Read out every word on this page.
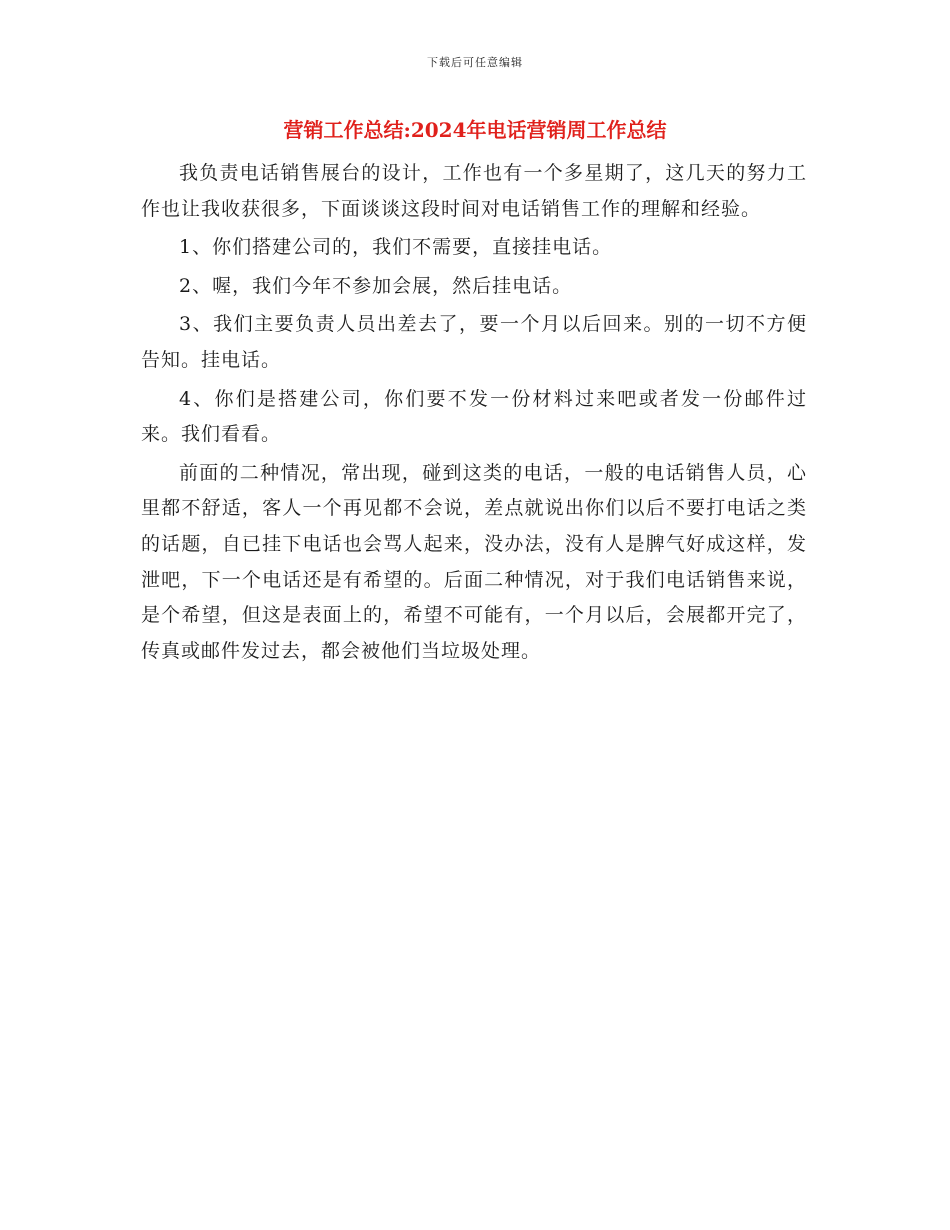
下载后可任意编辑
营销工作总结:2024年电话营销周工作总结

我负责电话销售展台的设计，工作也有一个多星期了，这几天的努力工作也让我收获很多，下面谈谈这段时间对电话销售工作的理解和经验。

1、你们搭建公司的，我们不需要，直接挂电话。

2、喔，我们今年不参加会展，然后挂电话。

3、我们主要负责人员出差去了，要一个月以后回来。别的一切不方便告知。挂电话。

4、你们是搭建公司，你们要不发一份材料过来吧或者发一份邮件过来。我们看看。

前面的二种情况，常出现，碰到这类的电话，一般的电话销售人员，心里都不舒适，客人一个再见都不会说，差点就说出你们以后不要打电话之类的话题，自已挂下电话也会骂人起来，没办法，没有人是脾气好成这样，发泄吧，下一个电话还是有希望的。后面二种情况，对于我们电话销售来说，是个希望，但这是表面上的，希望不可能有，一个月以后，会展都开完了，传真或邮件发过去，都会被他们当垃圾处理。
